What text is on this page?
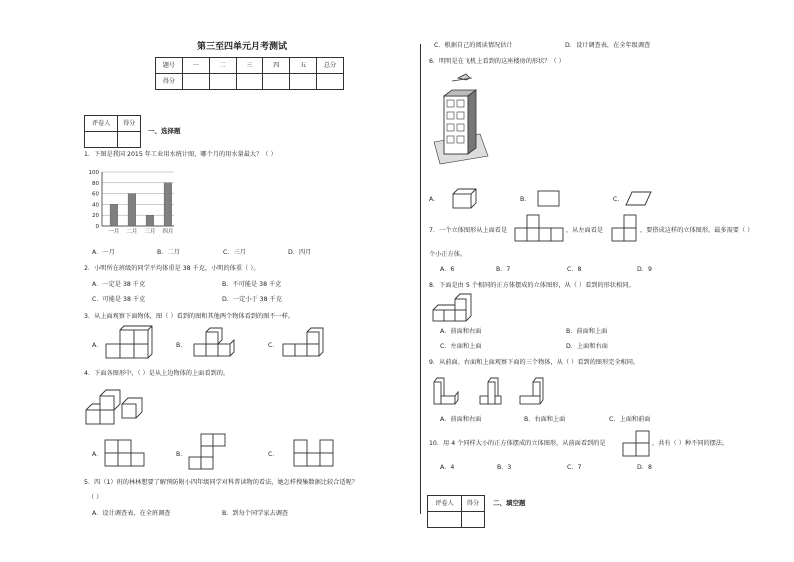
第三至四单元月考测试
题号	一	二	三	四	五	总分
得分						
评卷人	得分

一、选择题
1．下图是我国 2015 年工业用水统计图，哪个月的用水量最大？（ ）
100
80
60
40
20
0
一月 二月 三月 四月
A．一月	B．二月	C．三月	D．四月
2．小明所在班级的同学平均体重是 38 千克，小明的体重（ ）。
A．一定是 38 千克	B．不可能是 38 千克
C．可能是 38 千克	D．一定小于 38 千克
3．从上面观察下面物体，图（ ）看到的图和其他两个物体看到的图不一样。
A．	B．	C．
4．下面各图形中，（ ）是从上边物体的上面看到的。
A．	B．	C．
5．四（1）班的林林想要了解预防附小四年级同学对科普读物的看法，她怎样搜集数据比较合适呢？
（ ）
A．设计调查表，在全班调查	B．到每个同学家去调查
C．根据自己的阅读情况估计	D．设计调查表，在全年级调查
6．明明是在飞机上看到的这座楼房的形状？（ ）
A．	B．	C．
7．一个立体图形从上面看是	，从左面看是	，要搭成这样的立体图形，最多需要（ ）
个小正方体。
A．6	B．7	C．8	D．9
8．下面是由 5 个相同的正方体摆成的立体图形，从（ ）看到的形状相同。
A．前面和右面	B．前面和上面
C．左面和上面	D．上面和右面
9．从前面、右面和上面观察下面的三个物体，从（ ）看到的图形完全相同。
A．前面和右面	B．右面和上面	C．上面和前面
10．用 4 个同样大小的正方体摆成的立体图形，从前面看到的是	，共有（ ）种不同的摆法。
A．4	B．3	C．7	D．8
评卷人	得分
	二、填空题
